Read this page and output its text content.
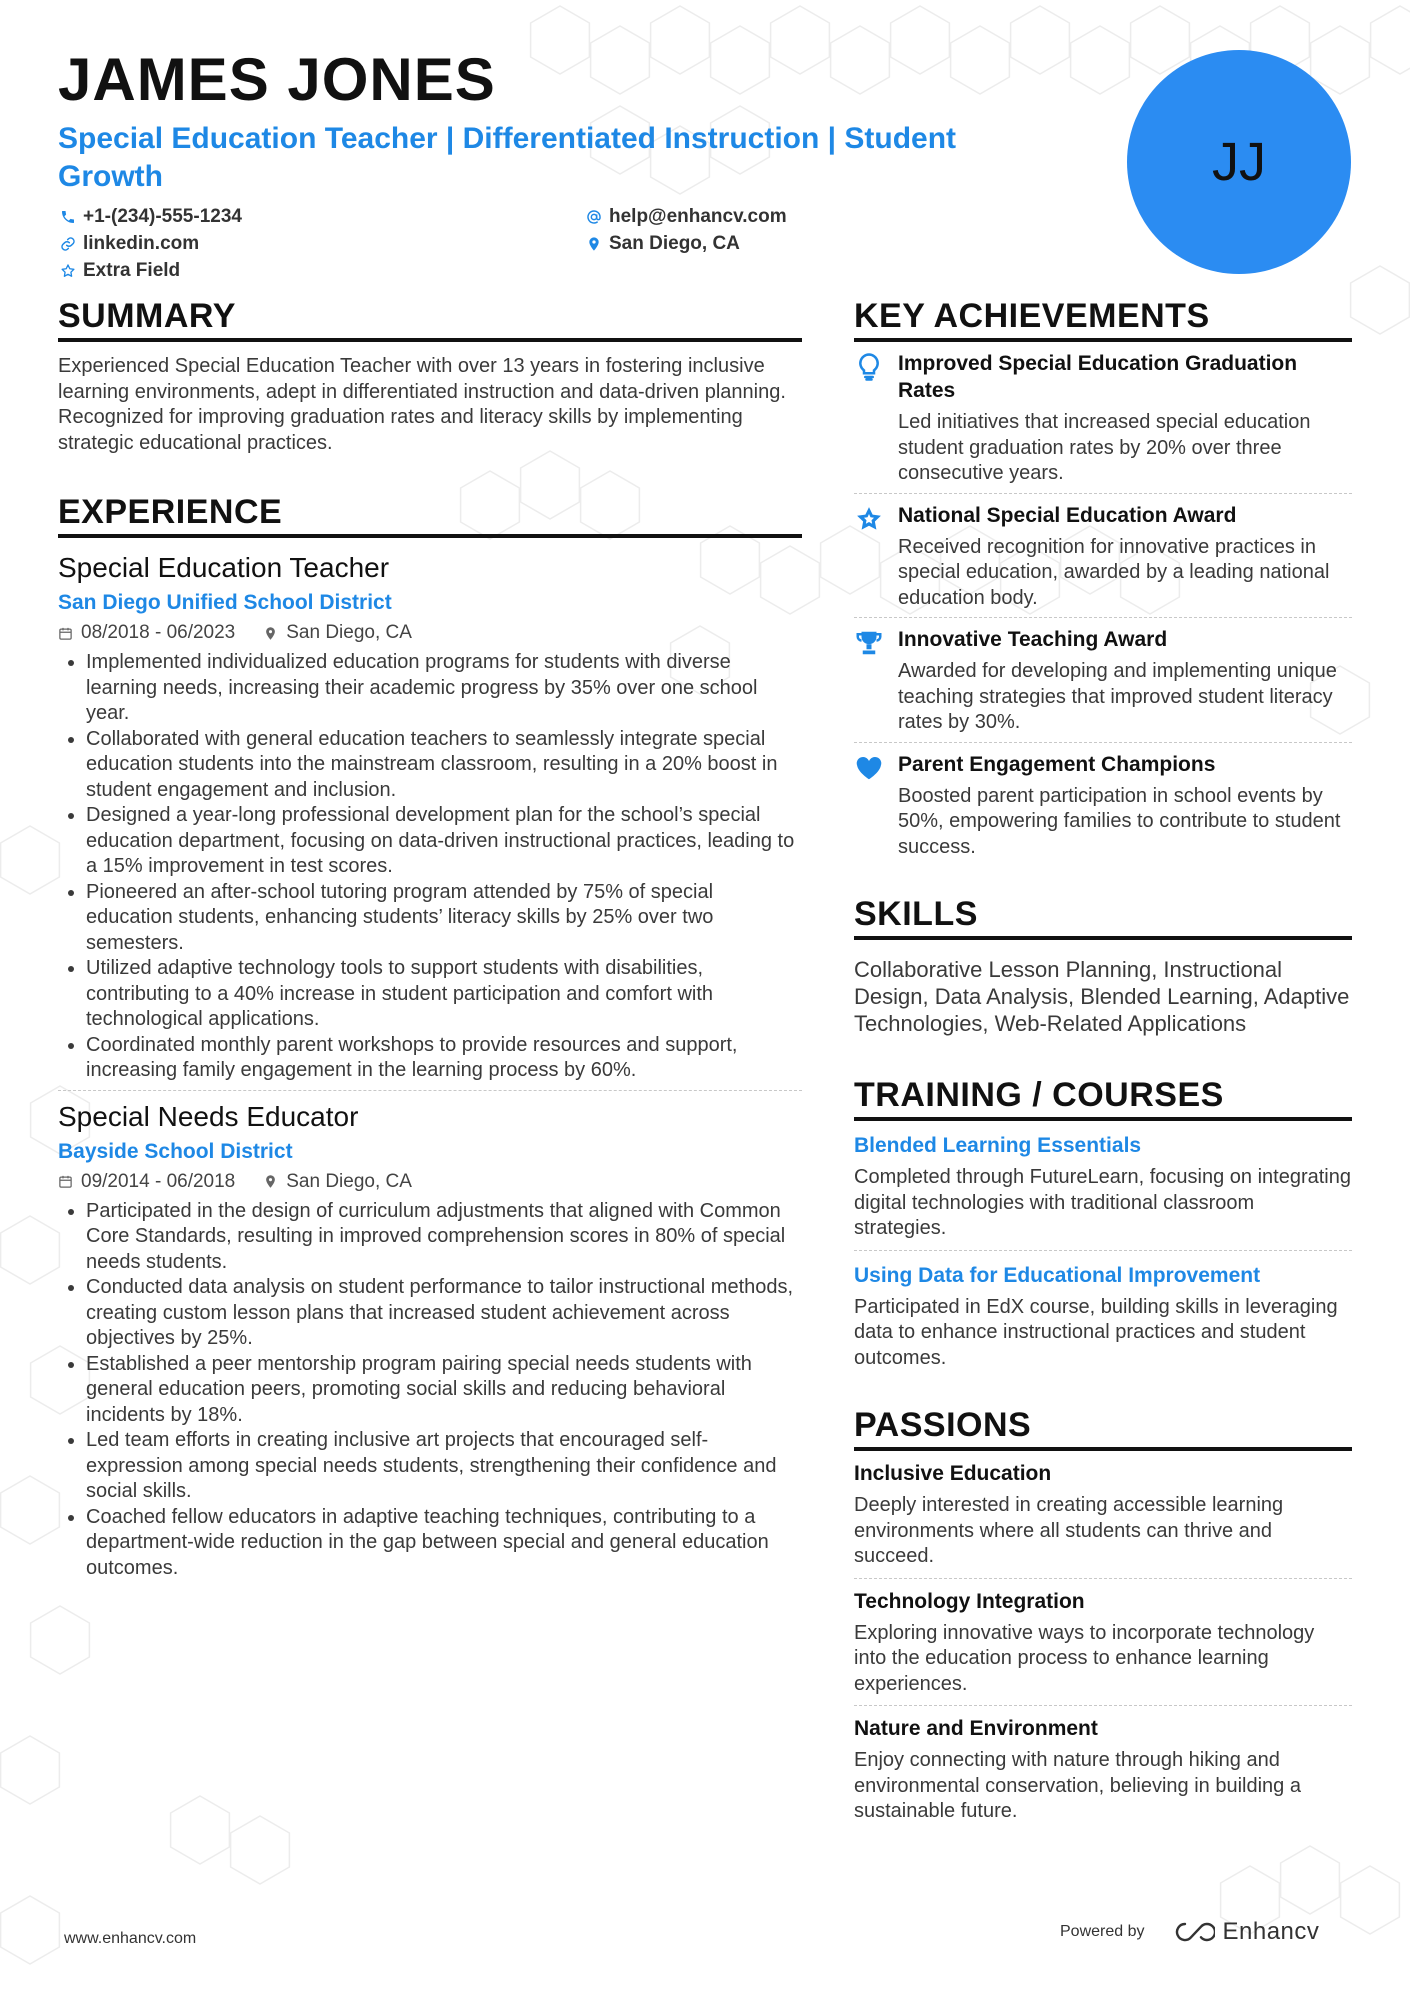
JAMES JONES
Special Education Teacher | Differentiated Instruction | Student Growth
+1-(234)-555-1234	help@enhancv.com
linkedin.com	San Diego, CA
Extra Field
JJ
SUMMARY

Experienced Special Education Teacher with over 13 years in fostering inclusive learning environments, adept in differentiated instruction and data-driven planning. Recognized for improving graduation rates and literacy skills by implementing strategic educational practices.

EXPERIENCE
Special Education Teacher
San Diego Unified School District
08/2018 - 06/2023	San Diego, CA
• Implemented individualized education programs for students with diverse learning needs, increasing their academic progress by 35% over one school year.
• Collaborated with general education teachers to seamlessly integrate special education students into the mainstream classroom, resulting in a 20% boost in student engagement and inclusion.
• Designed a year-long professional development plan for the school’s special education department, focusing on data-driven instructional practices, leading to a 15% improvement in test scores.
• Pioneered an after-school tutoring program attended by 75% of special education students, enhancing students’ literacy skills by 25% over two semesters.
• Utilized adaptive technology tools to support students with disabilities, contributing to a 40% increase in student participation and comfort with technological applications.
• Coordinated monthly parent workshops to provide resources and support, increasing family engagement in the learning process by 60%.
Special Needs Educator
Bayside School District
09/2014 - 06/2018	San Diego, CA
• Participated in the design of curriculum adjustments that aligned with Common Core Standards, resulting in improved comprehension scores in 80% of special needs students.
• Conducted data analysis on student performance to tailor instructional methods, creating custom lesson plans that increased student achievement across objectives by 25%.
• Established a peer mentorship program pairing special needs students with general education peers, promoting social skills and reducing behavioral incidents by 18%.
• Led team efforts in creating inclusive art projects that encouraged self-expression among special needs students, strengthening their confidence and social skills.
• Coached fellow educators in adaptive teaching techniques, contributing to a department-wide reduction in the gap between special and general education outcomes.
KEY ACHIEVEMENTS
Improved Special Education Graduation Rates
Led initiatives that increased special education student graduation rates by 20% over three consecutive years.
National Special Education Award
Received recognition for innovative practices in special education, awarded by a leading national education body.
Innovative Teaching Award
Awarded for developing and implementing unique teaching strategies that improved student literacy rates by 30%.
Parent Engagement Champions
Boosted parent participation in school events by 50%, empowering families to contribute to student success.
SKILLS
Collaborative Lesson Planning, Instructional Design, Data Analysis, Blended Learning, Adaptive Technologies, Web-Related Applications
TRAINING / COURSES
Blended Learning Essentials

Completed through FutureLearn, focusing on integrating digital technologies with traditional classroom strategies.

Using Data for Educational Improvement

Participated in EdX course, building skills in leveraging data to enhance instructional practices and student outcomes.

PASSIONS
Inclusive Education

Deeply interested in creating accessible learning environments where all students can thrive and succeed.

Technology Integration

Exploring innovative ways to incorporate technology into the education process to enhance learning experiences.

Nature and Environment

Enjoy connecting with nature through hiking and environmental conservation, believing in building a sustainable future.

www.enhancv.com	Powered by	Enhancv
